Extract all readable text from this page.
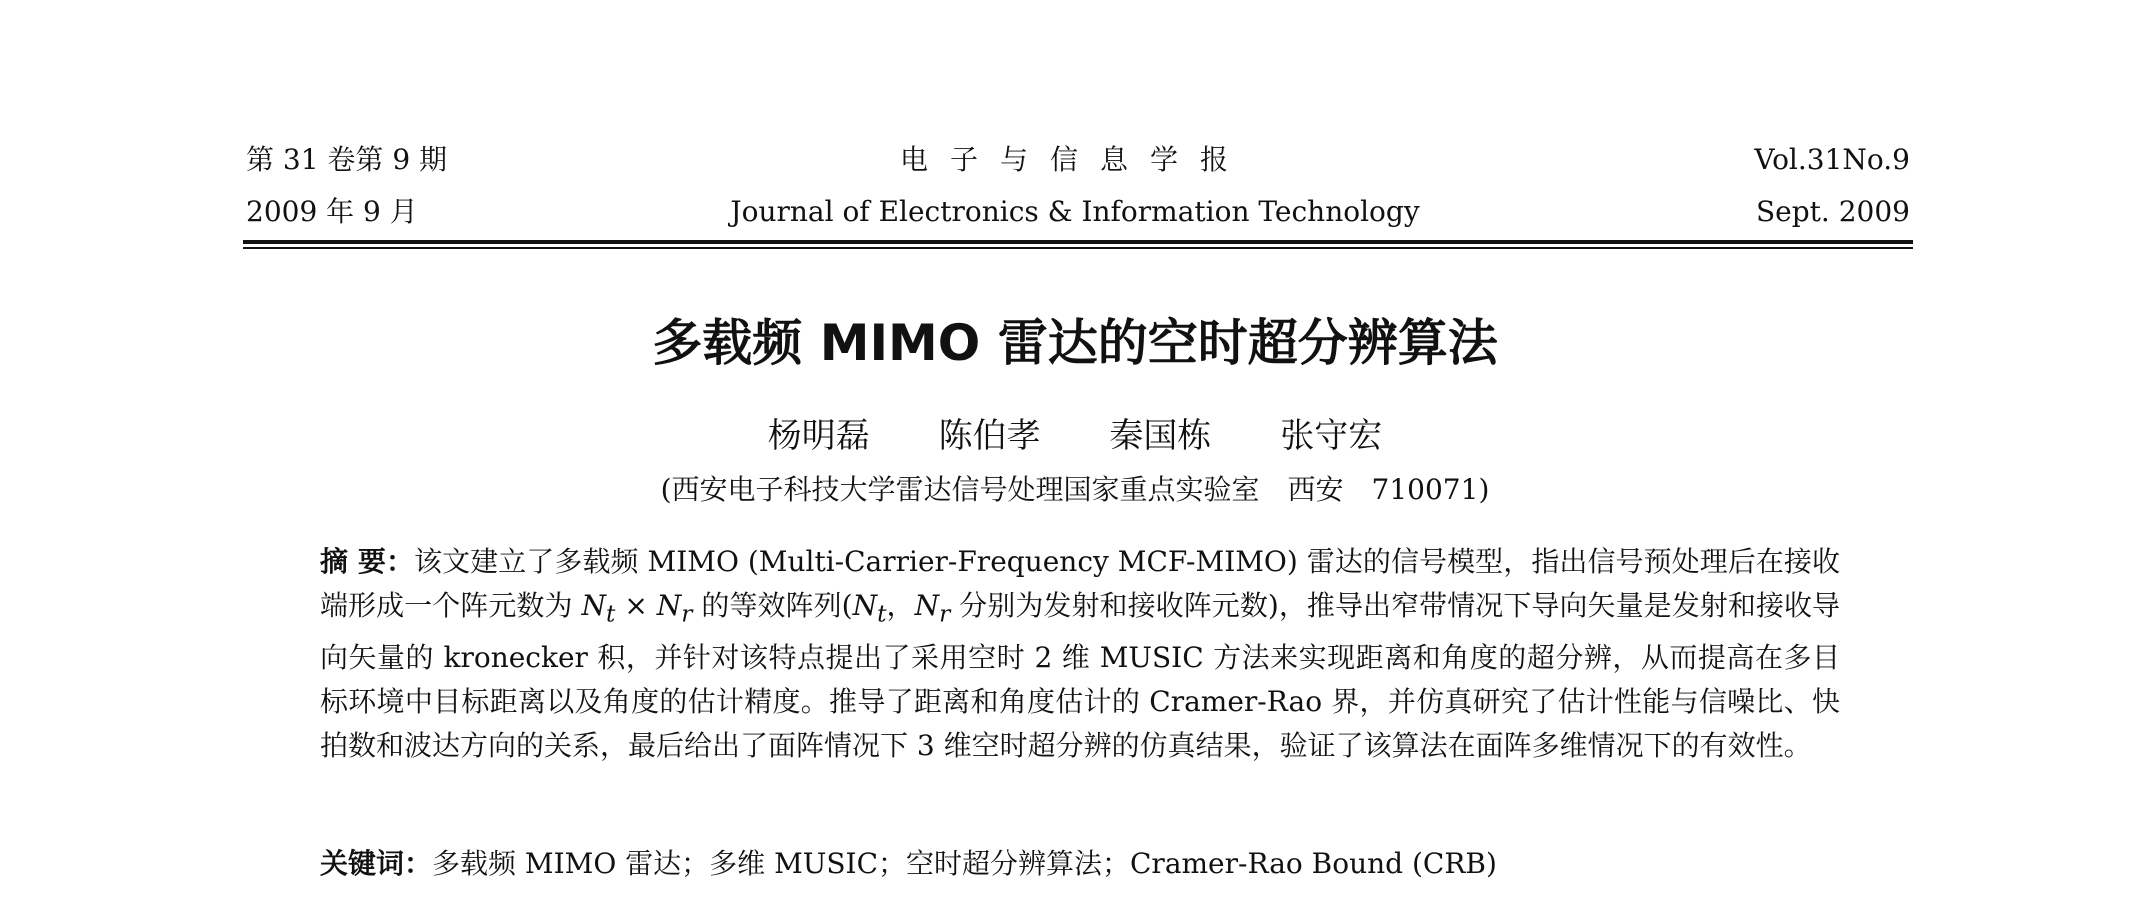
第 31 卷第 9 期
2009 年 9 月
电子与信息学报
Journal of Electronics & Information Technology
Vol.31No.9
Sept. 2009
多载频 MIMO 雷达的空时超分辨算法
杨明磊 陈伯孝 秦国栋 张守宏
(西安电子科技大学雷达信号处理国家重点实验室　西安　710071)
摘 要：该文建立了多载频 MIMO (Multi-Carrier-Frequency MCF-MIMO) 雷达的信号模型，指出信号预处理后在接收端形成一个阵元数为 $N_t \times N_r$ 的等效阵列($N_t$，$N_r$ 分别为发射和接收阵元数)，推导出窄带情况下导向矢量是发射和接收导向矢量的 kronecker 积，并针对该特点提出了采用空时 2 维 MUSIC 方法来实现距离和角度的超分辨，从而提高在多目标环境中目标距离以及角度的估计精度。推导了距离和角度估计的 Cramer-Rao 界，并仿真研究了估计性能与信噪比、快拍数和波达方向的关系，最后给出了面阵情况下 3 维空时超分辨的仿真结果，验证了该算法在面阵多维情况下的有效性。
关键词：多载频 MIMO 雷达；多维 MUSIC；空时超分辨算法；Cramer-Rao Bound (CRB)
